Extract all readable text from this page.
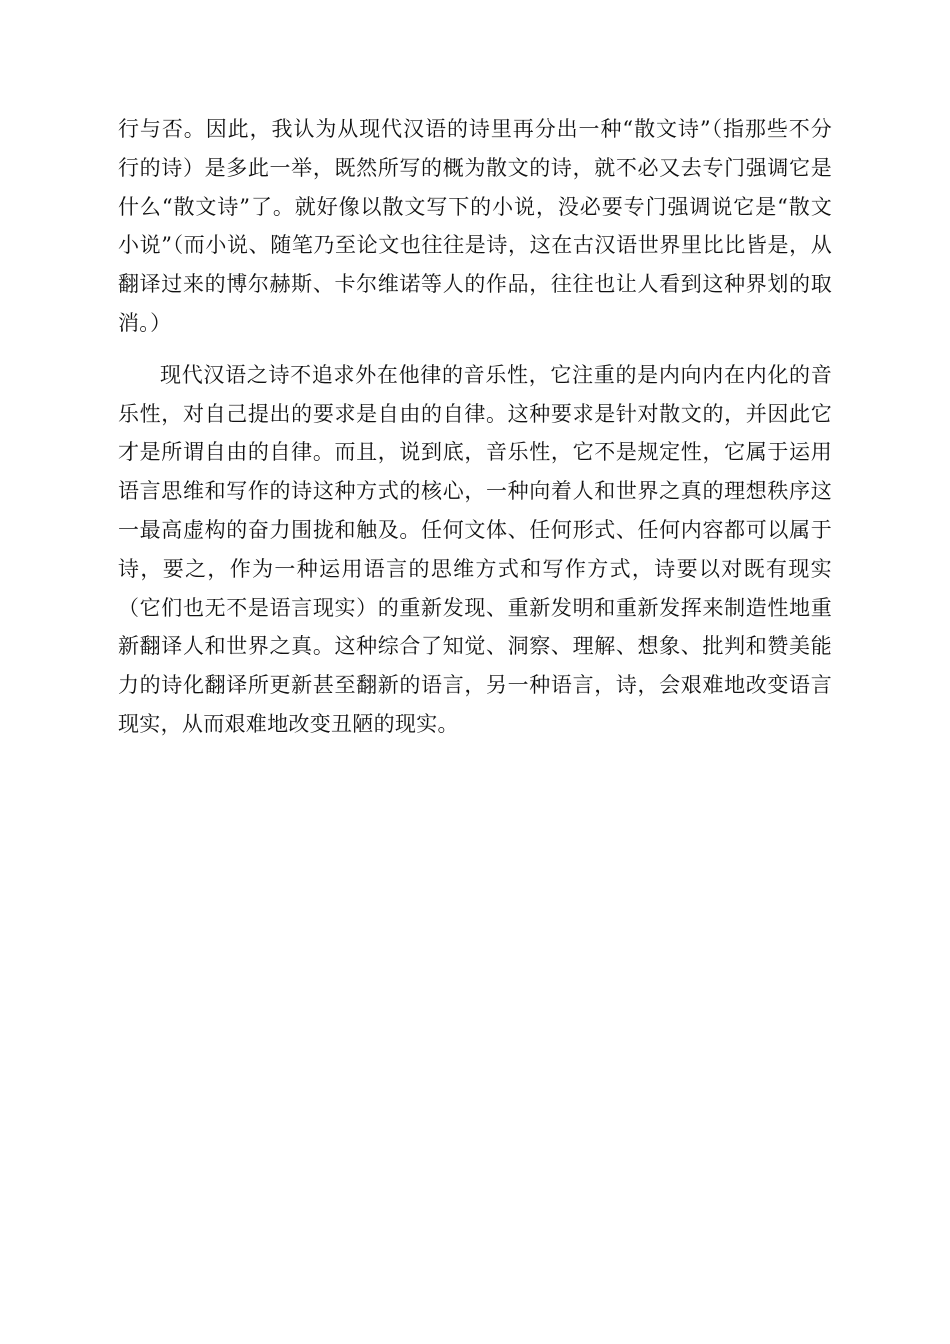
行与否。因此，我认为从现代汉语的诗里再分出一种“散文诗”（指那些不分行的诗）是多此一举，既然所写的概为散文的诗，就不必又去专门强调它是什么“散文诗”了。就好像以散文写下的小说，没必要专门强调说它是“散文小说”（而小说、随笔乃至论文也往往是诗，这在古汉语世界里比比皆是，从翻译过来的博尔赫斯、卡尔维诺等人的作品，往往也让人看到这种界划的取消。）

现代汉语之诗不追求外在他律的音乐性，它注重的是内向内在内化的音乐性，对自己提出的要求是自由的自律。这种要求是针对散文的，并因此它才是所谓自由的自律。而且，说到底，音乐性，它不是规定性，它属于运用语言思维和写作的诗这种方式的核心，一种向着人和世界之真的理想秩序这一最高虚构的奋力围拢和触及。任何文体、任何形式、任何内容都可以属于诗，要之，作为一种运用语言的思维方式和写作方式，诗要以对既有现实（它们也无不是语言现实）的重新发现、重新发明和重新发挥来制造性地重新翻译人和世界之真。这种综合了知觉、洞察、理解、想象、批判和赞美能力的诗化翻译所更新甚至翻新的语言，另一种语言，诗，会艰难地改变语言现实，从而艰难地改变丑陋的现实。
